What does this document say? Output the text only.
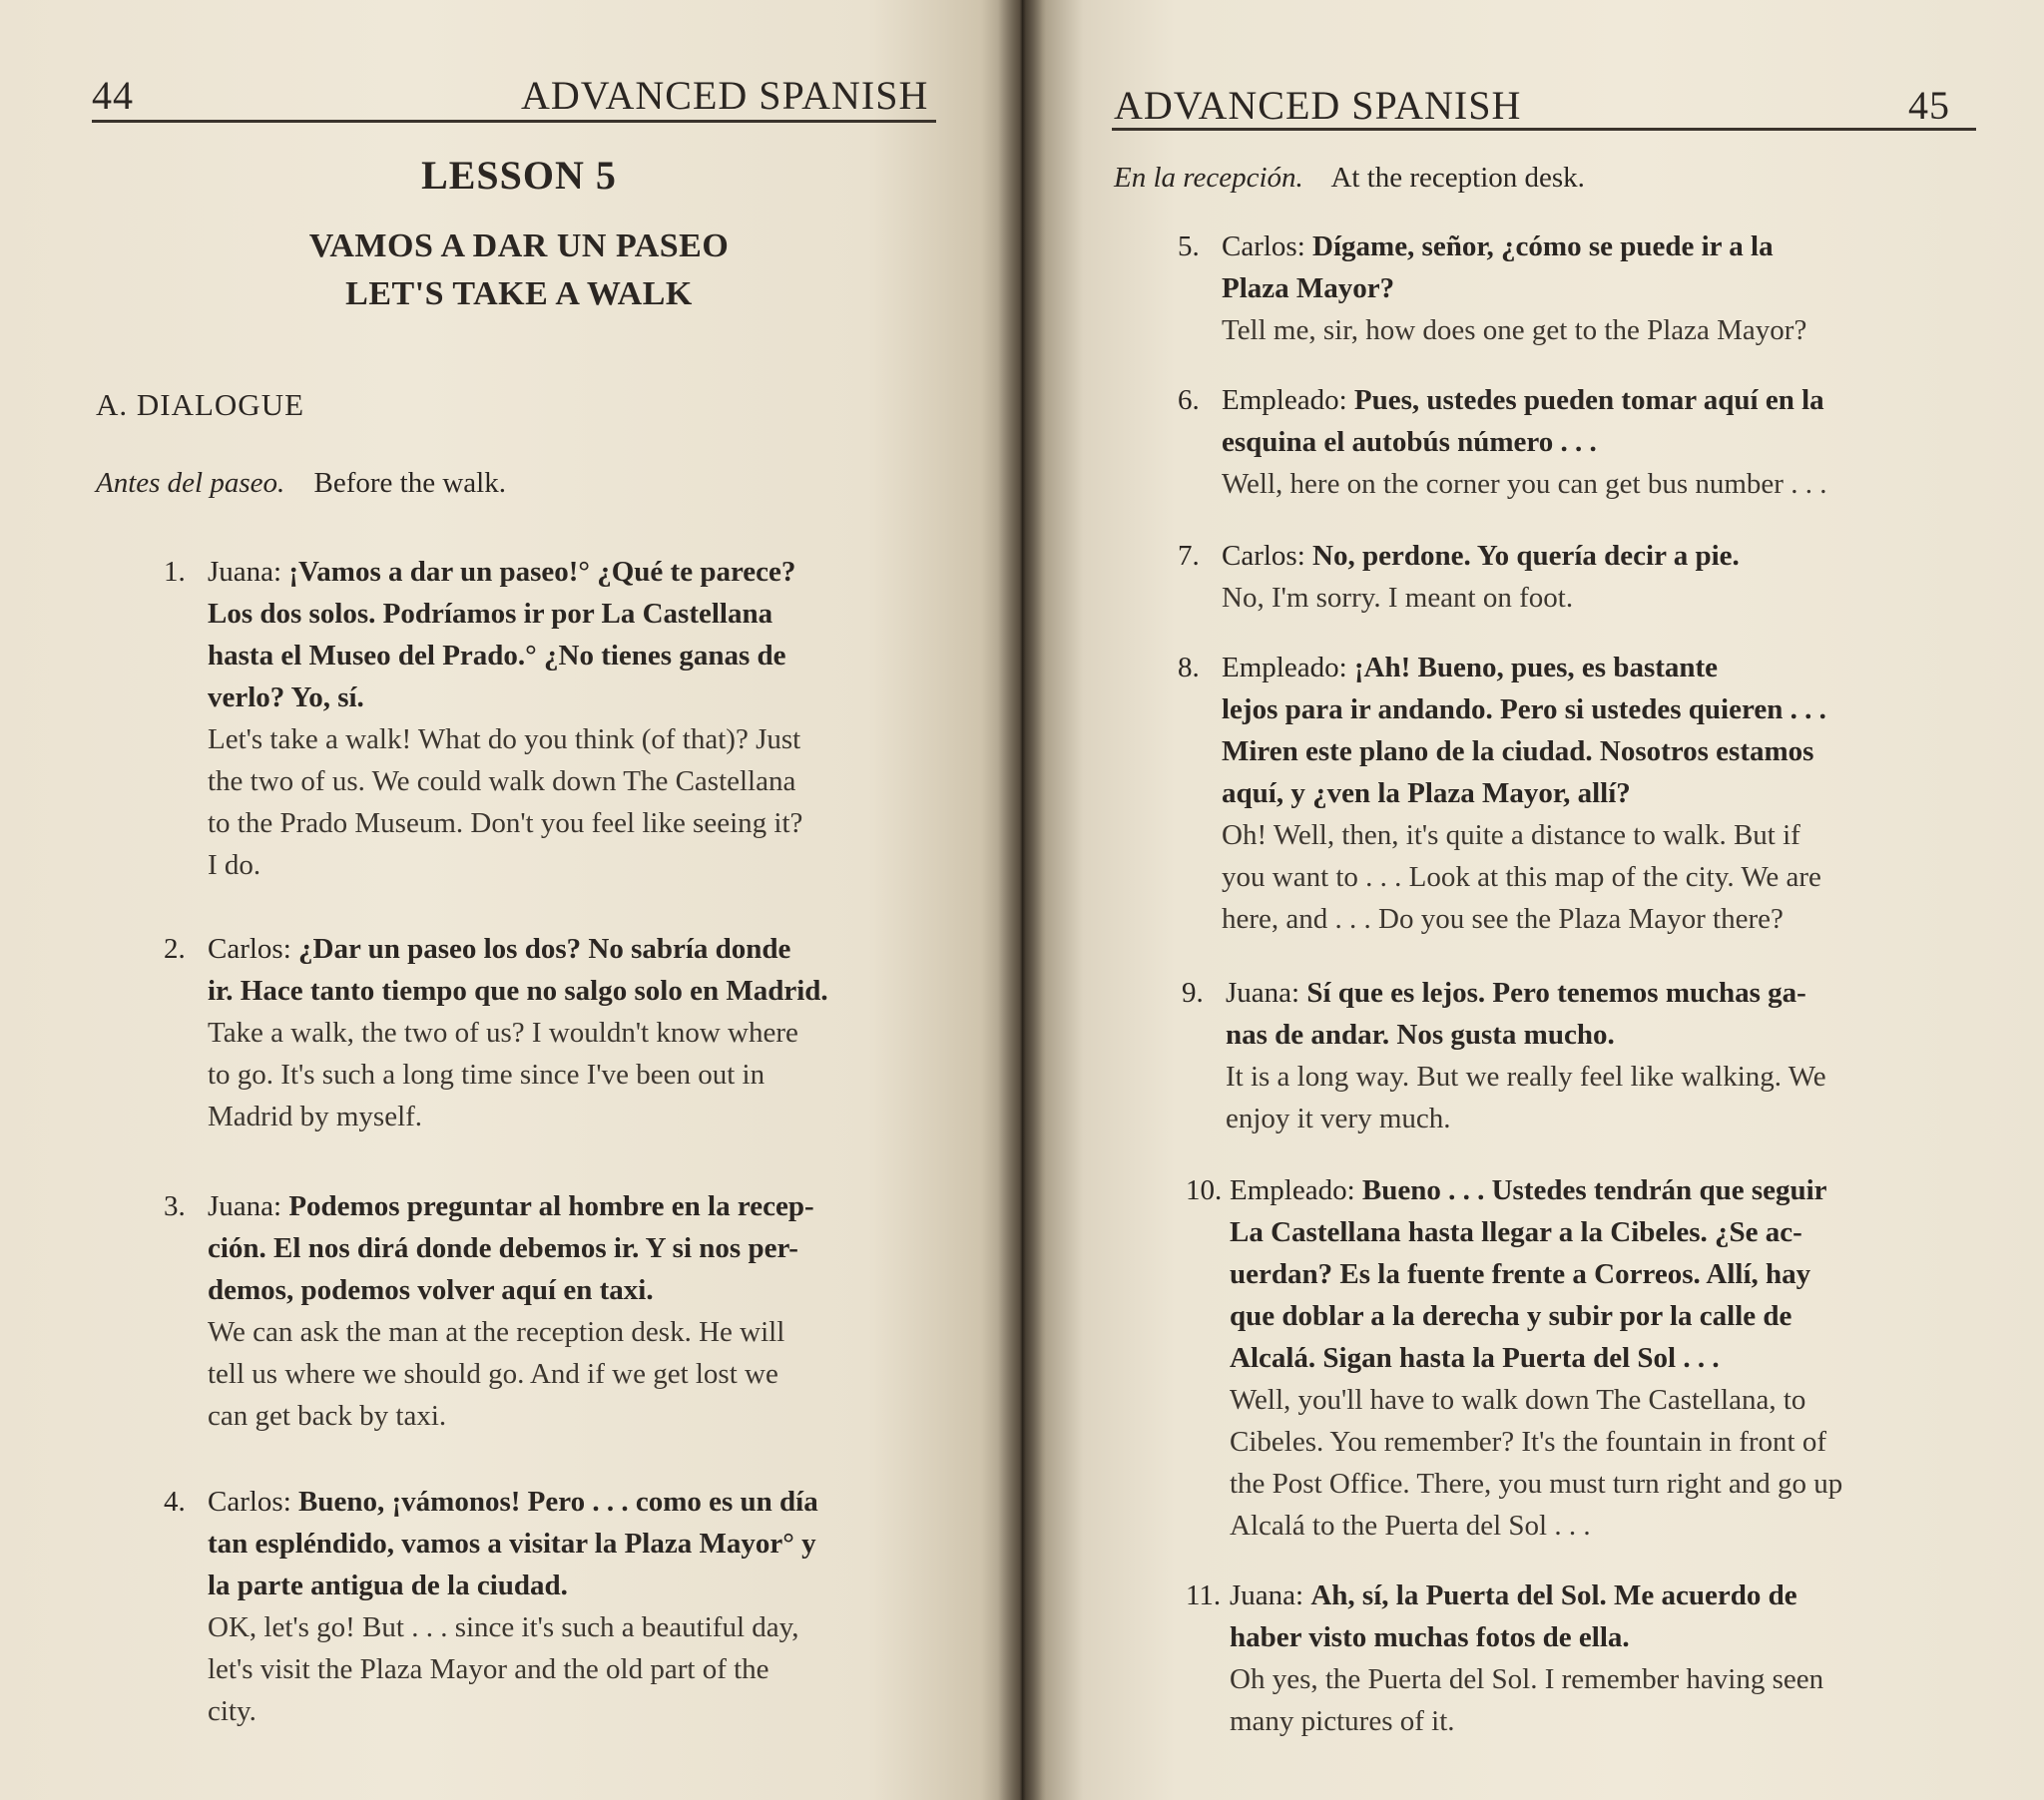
44	ADVANCED SPANISH
LESSON 5
VAMOS A DAR UN PASEO
LET'S TAKE A WALK
A. DIALOGUE
Antes del paseo. Before the walk.
1. Juana: ¡Vamos a dar un paseo!° ¿Qué te parece?
Los dos solos. Podríamos ir por La Castellana
hasta el Museo del Prado.° ¿No tienes ganas de
verlo? Yo, sí.
Let's take a walk! What do you think (of that)? Just
the two of us. We could walk down The Castellana
to the Prado Museum. Don't you feel like seeing it?
I do.
2. Carlos: ¿Dar un paseo los dos? No sabría donde
ir. Hace tanto tiempo que no salgo solo en Madrid.
Take a walk, the two of us? I wouldn't know where
to go. It's such a long time since I've been out in
Madrid by myself.
3. Juana: Podemos preguntar al hombre en la recep-
ción. El nos dirá donde debemos ir. Y si nos per-
demos, podemos volver aquí en taxi.
We can ask the man at the reception desk. He will
tell us where we should go. And if we get lost we
can get back by taxi.
4. Carlos: Bueno, ¡vámonos! Pero . . . como es un día
tan espléndido, vamos a visitar la Plaza Mayor° y
la parte antigua de la ciudad.
OK, let's go! But . . . since it's such a beautiful day,
let's visit the Plaza Mayor and the old part of the
city.
ADVANCED SPANISH	45
En la recepción. At the reception desk.
5. Carlos: Dígame, señor, ¿cómo se puede ir a la
Plaza Mayor?
Tell me, sir, how does one get to the Plaza Mayor?
6. Empleado: Pues, ustedes pueden tomar aquí en la
esquina el autobús número . . .
Well, here on the corner you can get bus number . . .
7. Carlos: No, perdone. Yo quería decir a pie.
No, I'm sorry. I meant on foot.
8. Empleado: ¡Ah! Bueno, pues, es bastante
lejos para ir andando. Pero si ustedes quieren . . .
Miren este plano de la ciudad. Nosotros estamos
aquí, y ¿ven la Plaza Mayor, allí?
Oh! Well, then, it's quite a distance to walk. But if
you want to . . . Look at this map of the city. We are
here, and . . . Do you see the Plaza Mayor there?
9. Juana: Sí que es lejos. Pero tenemos muchas ga-
nas de andar. Nos gusta mucho.
It is a long way. But we really feel like walking. We
enjoy it very much.
10. Empleado: Bueno . . . Ustedes tendrán que seguir
La Castellana hasta llegar a la Cibeles. ¿Se ac-
uerdan? Es la fuente frente a Correos. Allí, hay
que doblar a la derecha y subir por la calle de
Alcalá. Sigan hasta la Puerta del Sol . . .
Well, you'll have to walk down The Castellana, to
Cibeles. You remember? It's the fountain in front of
the Post Office. There, you must turn right and go up
Alcalá to the Puerta del Sol . . .
11. Juana: Ah, sí, la Puerta del Sol. Me acuerdo de
haber visto muchas fotos de ella.
Oh yes, the Puerta del Sol. I remember having seen
many pictures of it.
